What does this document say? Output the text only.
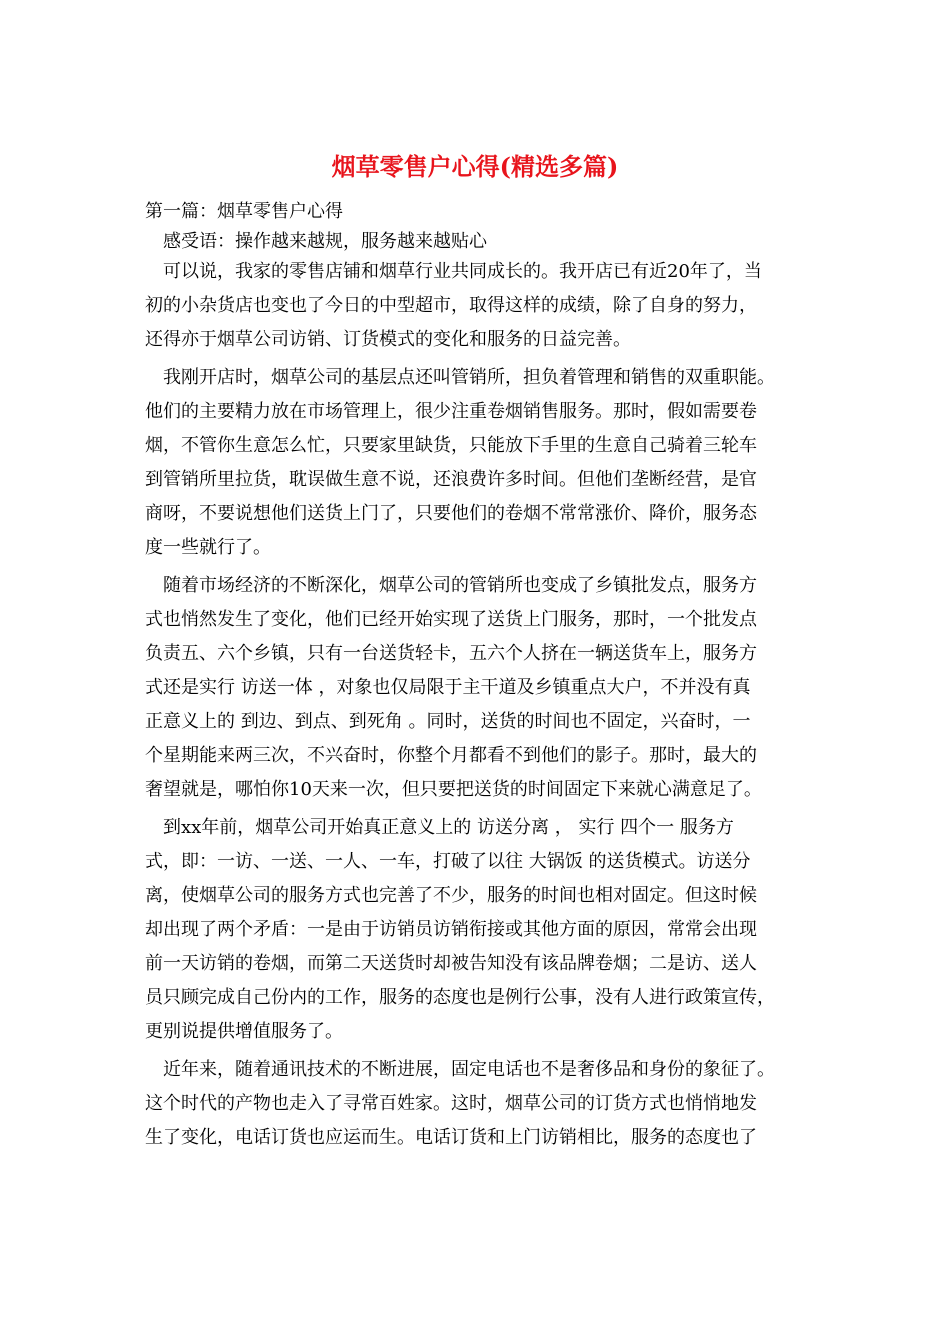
烟草零售户心得(精选多篇)

第一篇：烟草零售户心得

　感受语：操作越来越规，服务越来越贴心

　可以说，我家的零售店铺和烟草行业共同成长的。我开店已有近20年了，当

初的小杂货店也变也了今日的中型超市，取得这样的成绩，除了自身的努力，

还得亦于烟草公司访销、订货模式的变化和服务的日益完善。

　我刚开店时，烟草公司的基层点还叫管销所，担负着管理和销售的双重职能。

他们的主要精力放在市场管理上，很少注重卷烟销售服务。那时，假如需要卷

烟，不管你生意怎么忙，只要家里缺货，只能放下手里的生意自己骑着三轮车

到管销所里拉货，耽误做生意不说，还浪费许多时间。但他们垄断经营，是官

商呀，不要说想他们送货上门了，只要他们的卷烟不常常涨价、降价，服务态

度一些就行了。

　随着市场经济的不断深化，烟草公司的管销所也变成了乡镇批发点，服务方

式也悄然发生了变化，他们已经开始实现了送货上门服务，那时，一个批发点

负责五、六个乡镇，只有一台送货轻卡，五六个人挤在一辆送货车上，服务方

式还是实行 访送一体 ，对象也仅局限于主干道及乡镇重点大户，不并没有真

正意义上的 到边、到点、到死角 。同时，送货的时间也不固定，兴奋时，一

个星期能来两三次，不兴奋时，你整个月都看不到他们的影子。那时，最大的

奢望就是，哪怕你10天来一次，但只要把送货的时间固定下来就心满意足了。

　到xx年前，烟草公司开始真正意义上的 访送分离 ， 实行 四个一 服务方

式，即：一访、一送、一人、一车，打破了以往 大锅饭 的送货模式。访送分

离，使烟草公司的服务方式也完善了不少，服务的时间也相对固定。但这时候

却出现了两个矛盾：一是由于访销员访销衔接或其他方面的原因，常常会出现

前一天访销的卷烟，而第二天送货时却被告知没有该品牌卷烟；二是访、送人

员只顾完成自己份内的工作，服务的态度也是例行公事，没有人进行政策宣传，

更别说提供增值服务了。

　近年来，随着通讯技术的不断进展，固定电话也不是奢侈品和身份的象征了。

这个时代的产物也走入了寻常百姓家。这时，烟草公司的订货方式也悄悄地发

生了变化，电话订货也应运而生。电话订货和上门访销相比，服务的态度也了
